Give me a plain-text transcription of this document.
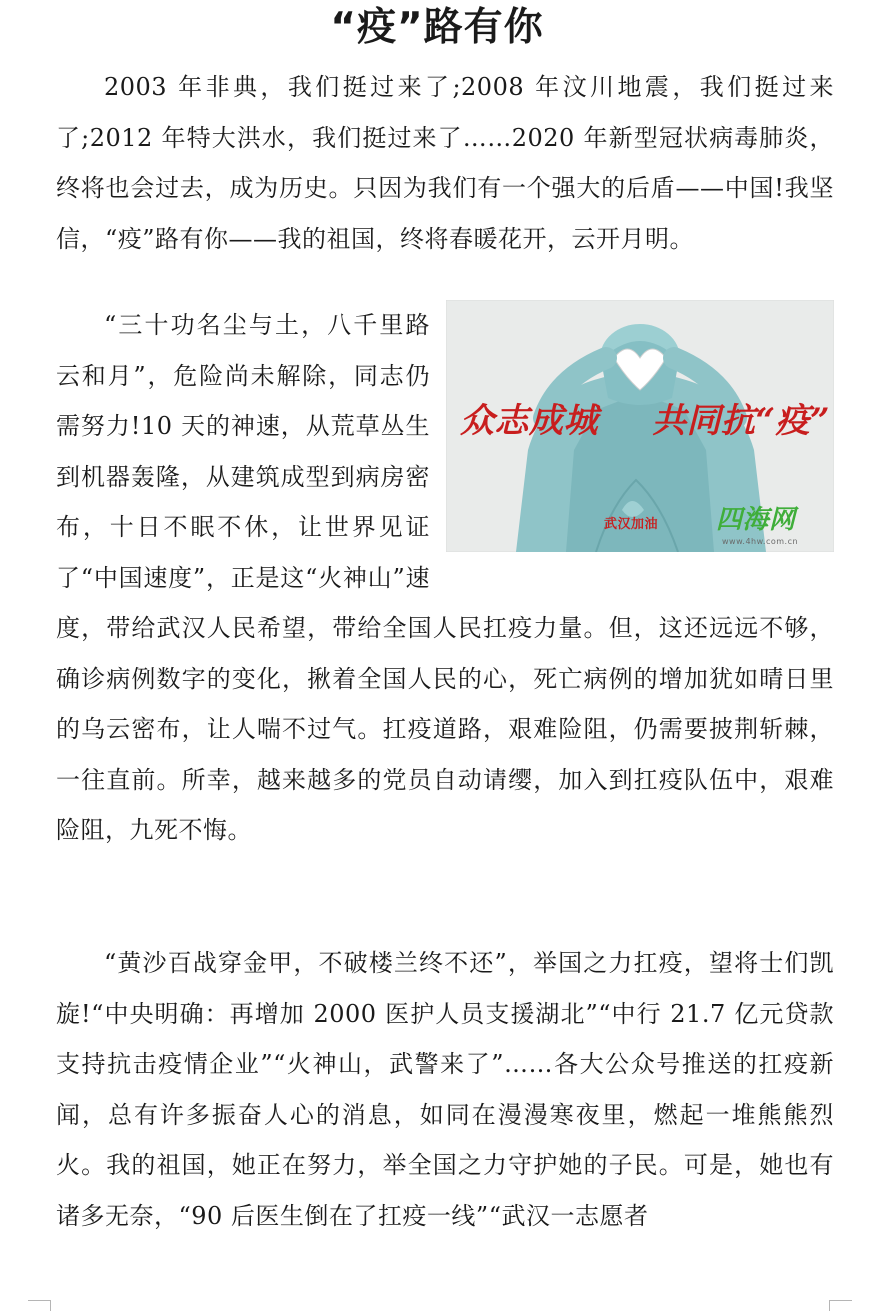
“疫”路有你

2003 年非典，我们挺过来了;2008 年汶川地震，我们挺过来了;2012 年特大洪水，我们挺过来了……2020 年新型冠状病毒肺炎，终将也会过去，成为历史。只因为我们有一个强大的后盾——中国!我坚信，“疫”路有你——我的祖国，终将春暖花开，云开月明。

众志成城 共同抗“疫”
武汉加油 四海网
www.4hw.com.cn
“三十功名尘与土，八千里路云和月”，危险尚未解除，同志仍需努力!10 天的神速，从荒草丛生到机器轰隆，从建筑成型到病房密布，十日不眠不休，让世界见证了“中国速度”，正是这“火神山”速度，带给武汉人民希望，带给全国人民扛疫力量。但，这还远远不够，确诊病例数字的变化，揪着全国人民的心，死亡病例的增加犹如晴日里的乌云密布，让人喘不过气。扛疫道路，艰难险阻，仍需要披荆斩棘，一往直前。所幸，越来越多的党员自动请缨，加入到扛疫队伍中，艰难险阻，九死不悔。

“黄沙百战穿金甲，不破楼兰终不还”，举国之力扛疫，望将士们凯旋!“中央明确：再增加 2000 医护人员支援湖北”“中行 21.7 亿元贷款支持抗击疫情企业”“火神山，武警来了”……各大公众号推送的扛疫新闻，总有许多振奋人心的消息，如同在漫漫寒夜里，燃起一堆熊熊烈火。我的祖国，她正在努力，举全国之力守护她的子民。可是，她也有诸多无奈，“90 后医生倒在了扛疫一线”“武汉一志愿者
